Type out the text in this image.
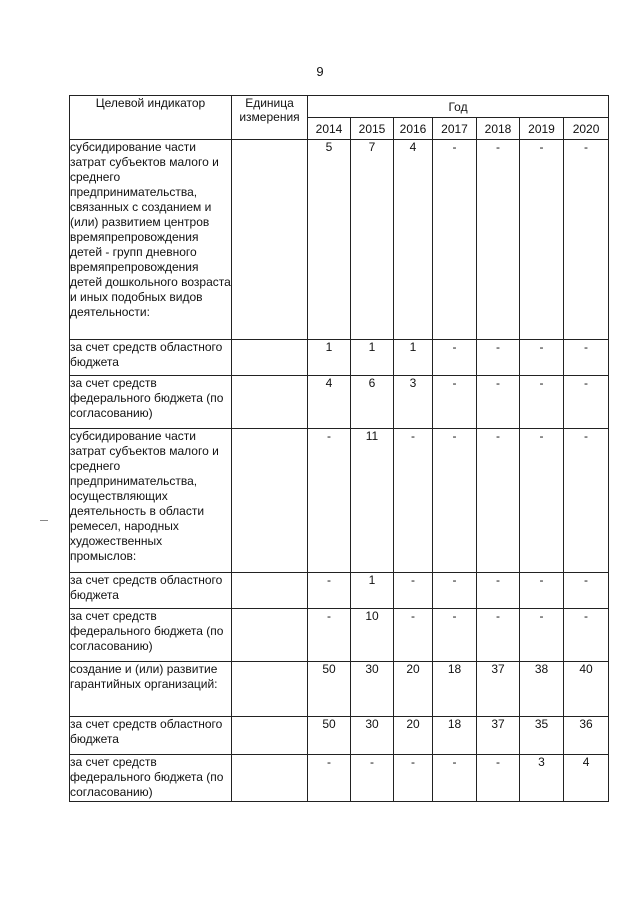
9
Целевой индикатор	Единица измерения	Год						
		2014	2015	2016	2017	2018	2019	2020
субсидирование части затрат субъектов малого и среднего предпринимательства, связанных с созданием и (или) развитием центров времяпрепровождения детей - групп дневного времяпрепровождения детей дошкольного возраста и иных подобных видов деятельности:		5	7	4	-	-	-	-
за счет средств областного бюджета		1	1	1	-	-	-	-
за счет средств федерального бюджета (по согласованию)		4	6	3	-	-	-	-
субсидирование части затрат субъектов малого и среднего предпринимательства, осуществляющих деятельность в области ремесел, народных художественных промыслов:		-	11	-	-	-	-	-
за счет средств областного бюджета		-	1	-	-	-	-	-
за счет средств федерального бюджета (по согласованию)		-	10	-	-	-	-	-
создание и (или) развитие гарантийных организаций:		50	30	20	18	37	38	40
за счет средств областного бюджета		50	30	20	18	37	35	36
за счет средств федерального бюджета (по согласованию)		-	-	-	-	-	3	4
